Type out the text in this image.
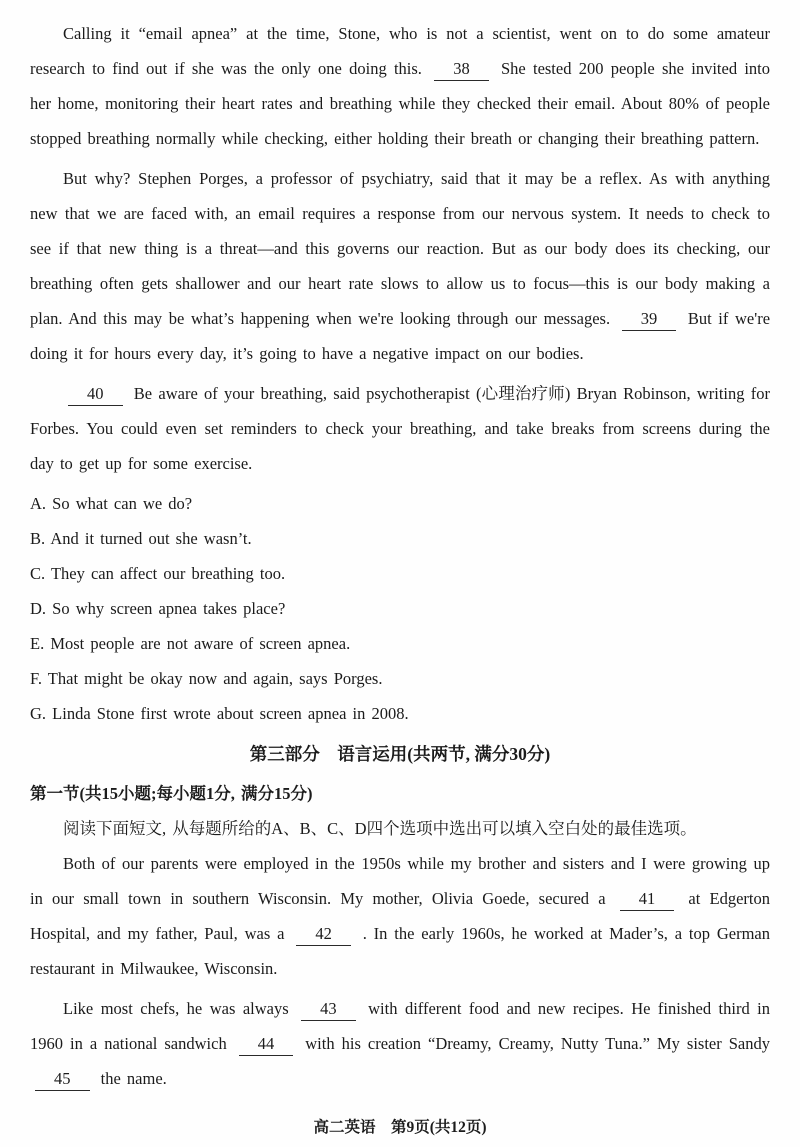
Calling it “email apnea” at the time, Stone, who is not a scientist, went on to do some amateur research to find out if she was the only one doing this. 38 She tested 200 people she invited into her home, monitoring their heart rates and breathing while they checked their email. About 80% of people stopped breathing normally while checking, either holding their breath or changing their breathing pattern.

But why? Stephen Porges, a professor of psychiatry, said that it may be a reflex. As with anything new that we are faced with, an email requires a response from our nervous system. It needs to check to see if that new thing is a threat—and this governs our reaction. But as our body does its checking, our breathing often gets shallower and our heart rate slows to allow us to focus—this is our body making a plan. And this may be what’s happening when we're looking through our messages. 39 But if we're doing it for hours every day, it’s going to have a negative impact on our bodies.

40 Be aware of your breathing, said psychotherapist (心理治疗师) Bryan Robinson, writing for Forbes. You could even set reminders to check your breathing, and take breaks from screens during the day to get up for some exercise.

A. So what can we do?

B. And it turned out she wasn’t.

C. They can affect our breathing too.

D. So why screen apnea takes place?

E. Most people are not aware of screen apnea.

F. That might be okay now and again, says Porges.

G. Linda Stone first wrote about screen apnea in 2008.

第三部分　语言运用(共两节, 满分30分)

第一节(共15小题;每小题1分, 满分15分)

阅读下面短文, 从每题所给的A、B、C、D四个选项中选出可以填入空白处的最佳选项。

Both of our parents were employed in the 1950s while my brother and sisters and I were growing up in our small town in southern Wisconsin. My mother, Olivia Goede, secured a 41 at Edgerton Hospital, and my father, Paul, was a 42 . In the early 1960s, he worked at Mader’s, a top German restaurant in Milwaukee, Wisconsin.

Like most chefs, he was always 43 with different food and new recipes. He finished third in 1960 in a national sandwich 44 with his creation “Dreamy, Creamy, Nutty Tuna.” My sister Sandy 45 the name.

高二英语　第9页(共12页)
